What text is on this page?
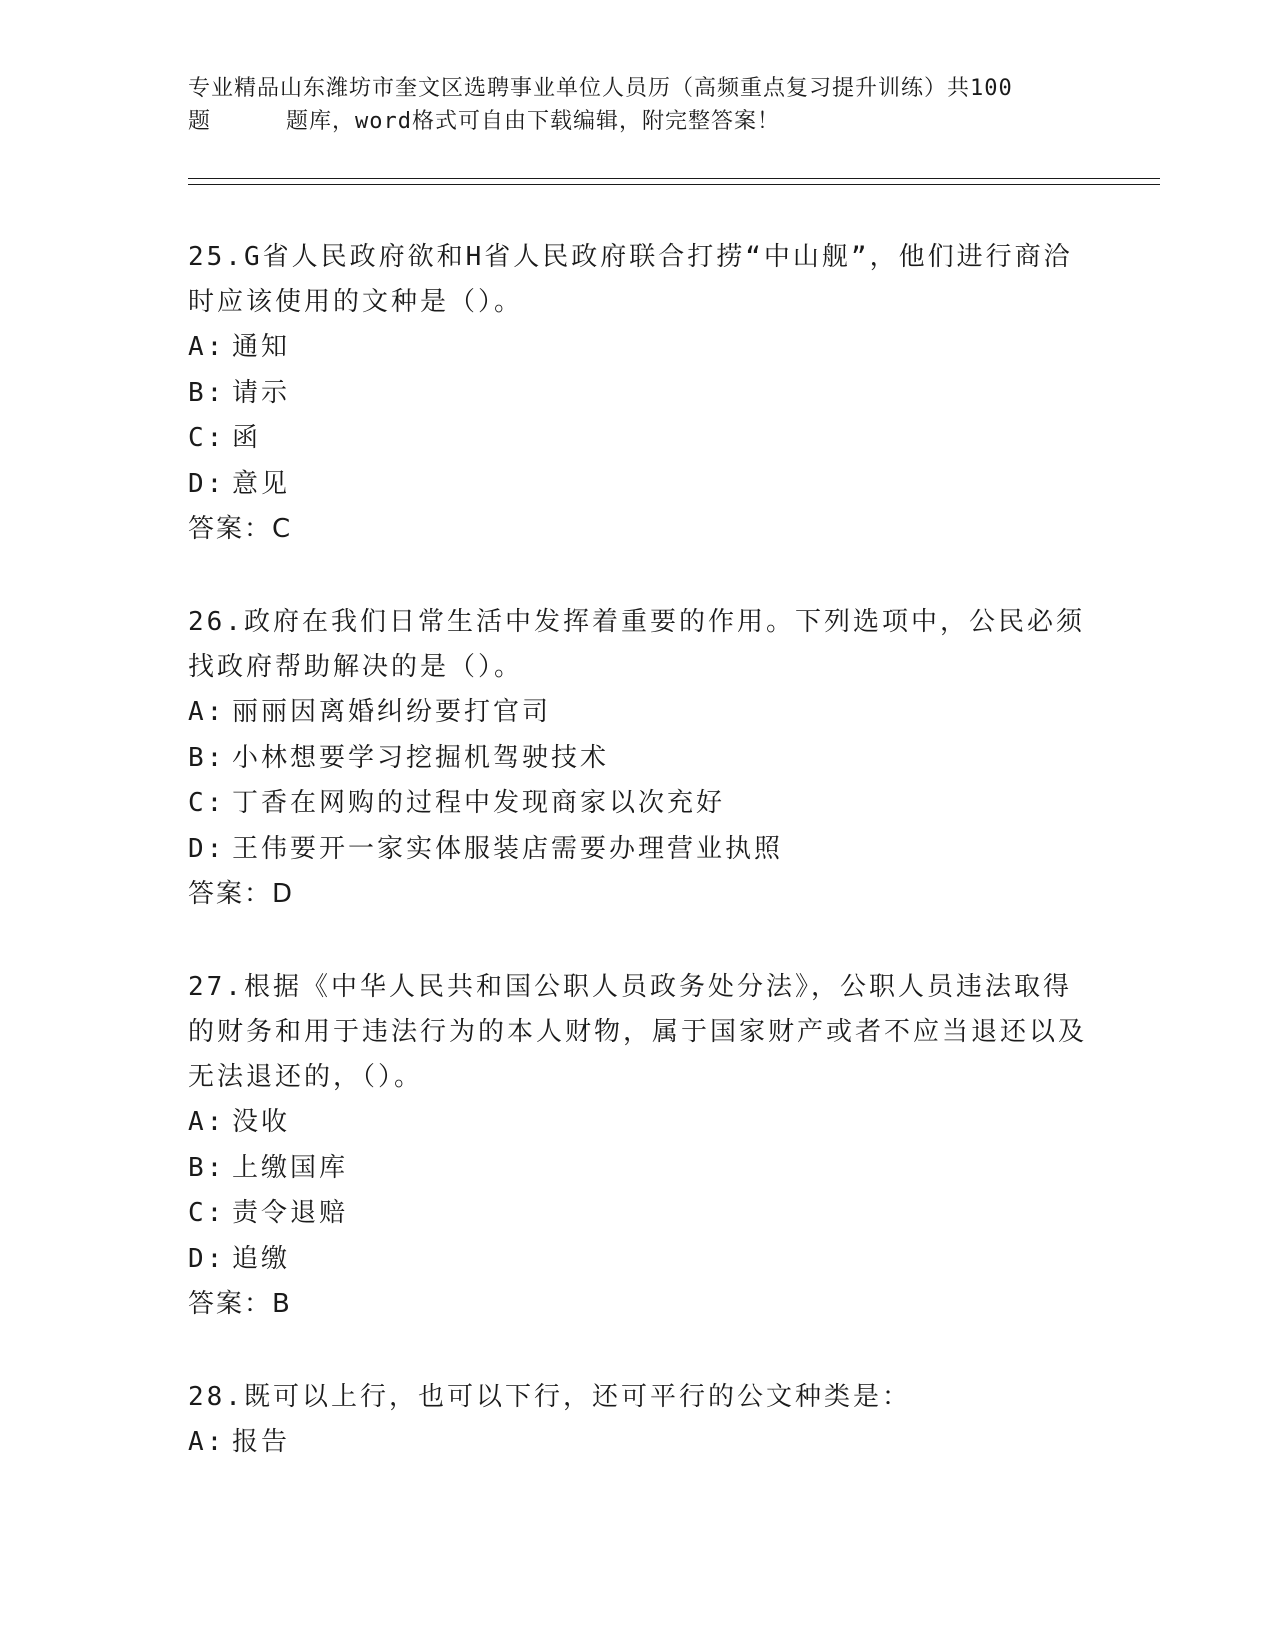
专业精品山东潍坊市奎文区选聘事业单位人员历（高频重点复习提升训练）共100
题	题库，word格式可自由下载编辑，附完整答案！

25.G省人民政府欲和H省人民政府联合打捞“中山舰”，他们进行商洽时应该使用的文种是（）。

A: 通知

B: 请示

C: 函

D: 意见

答案：C

26.政府在我们日常生活中发挥着重要的作用。下列选项中，公民必须找政府帮助解决的是（）。

A: 丽丽因离婚纠纷要打官司

B: 小林想要学习挖掘机驾驶技术

C: 丁香在网购的过程中发现商家以次充好

D: 王伟要开一家实体服装店需要办理营业执照

答案：D

27.根据《中华人民共和国公职人员政务处分法》，公职人员违法取得的财务和用于违法行为的本人财物，属于国家财产或者不应当退还以及无法退还的，（）。

A: 没收

B: 上缴国库

C: 责令退赔

D: 追缴

答案：B

28.既可以上行，也可以下行，还可平行的公文种类是：

A: 报告
